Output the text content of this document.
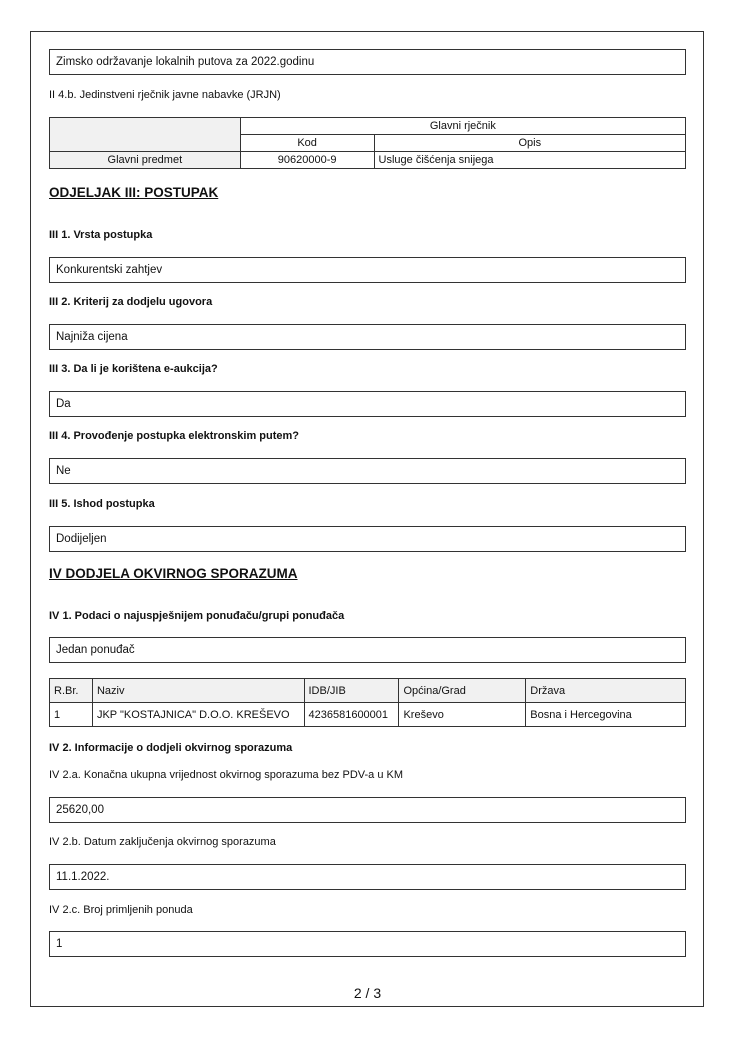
Zimsko održavanje lokalnih putova za 2022.godinu
II 4.b. Jedinstveni rječnik javne nabavke (JRJN)
	Glavni rječnik	
	Kod	Opis
Glavni predmet	90620000-9	Usluge čišćenja snijega
ODJELJAK III: POSTUPAK
III 1. Vrsta postupka
Konkurentski zahtjev
III 2. Kriterij za dodjelu ugovora
Najniža cijena
III 3. Da li je korištena e-aukcija?
Da
III 4. Provođenje postupka elektronskim putem?
Ne
III 5. Ishod postupka
Dodijeljen
IV DODJELA OKVIRNOG SPORAZUMA
IV 1. Podaci o najuspješnijem ponuđaču/grupi ponuđača
Jedan ponuđač
R.Br.	Naziv	IDB/JIB	Općina/Grad	Država
1	JKP "KOSTAJNICA" D.O.O. KREŠEVO	4236581600001	Kreševo	Bosna i Hercegovina
IV 2. Informacije o dodjeli okvirnog sporazuma
IV 2.a. Konačna ukupna vrijednost okvirnog sporazuma bez PDV-a u KM
25620,00
IV 2.b. Datum zaključenja okvirnog sporazuma
11.1.2022.
IV 2.c. Broj primljenih ponuda
1
2 / 3
